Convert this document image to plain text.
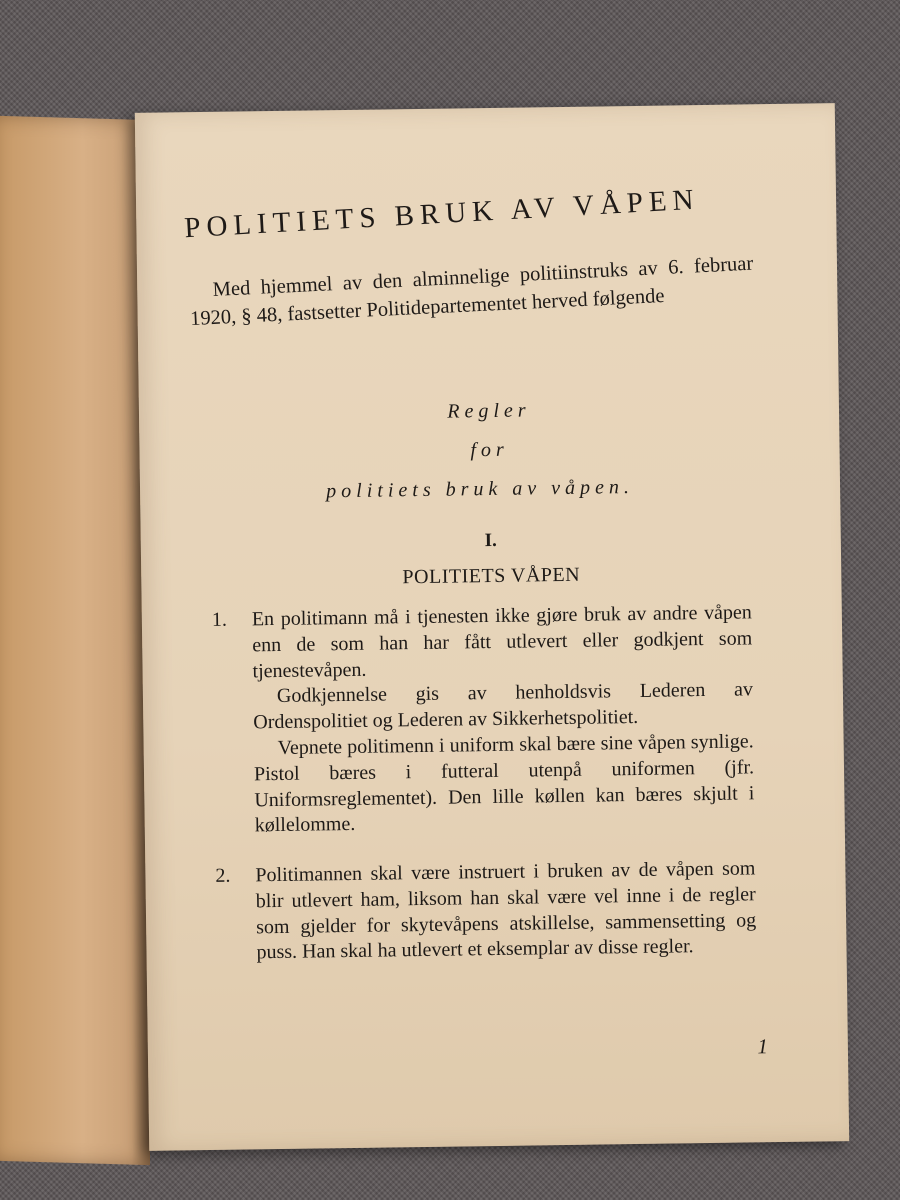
POLITIETS BRUK AV VÅPEN
Med hjemmel av den alminnelige politiinstruks av 6. februar 1920, § 48, fastsetter Politidepartementet herved følgende
Regler
for
politiets bruk av våpen.
I.
POLITIETS VÅPEN
1. En politimann må i tjenesten ikke gjøre bruk av andre våpen enn de som han har fått utlevert eller godkjent som tjenestevåpen.

Godkjennelse gis av henholdsvis Lederen av Ordenspolitiet og Lederen av Sikkerhetspolitiet.

Vepnete politimenn i uniform skal bære sine våpen synlige. Pistol bæres i futteral utenpå uniformen (jfr. Uniformsreglementet). Den lille køllen kan bæres skjult i køllelomme.

2. Politimannen skal være instruert i bruken av de våpen som blir utlevert ham, liksom han skal være vel inne i de regler som gjelder for skytevåpens atskillelse, sammensetting og puss. Han skal ha utlevert et eksemplar av disse regler.

1
